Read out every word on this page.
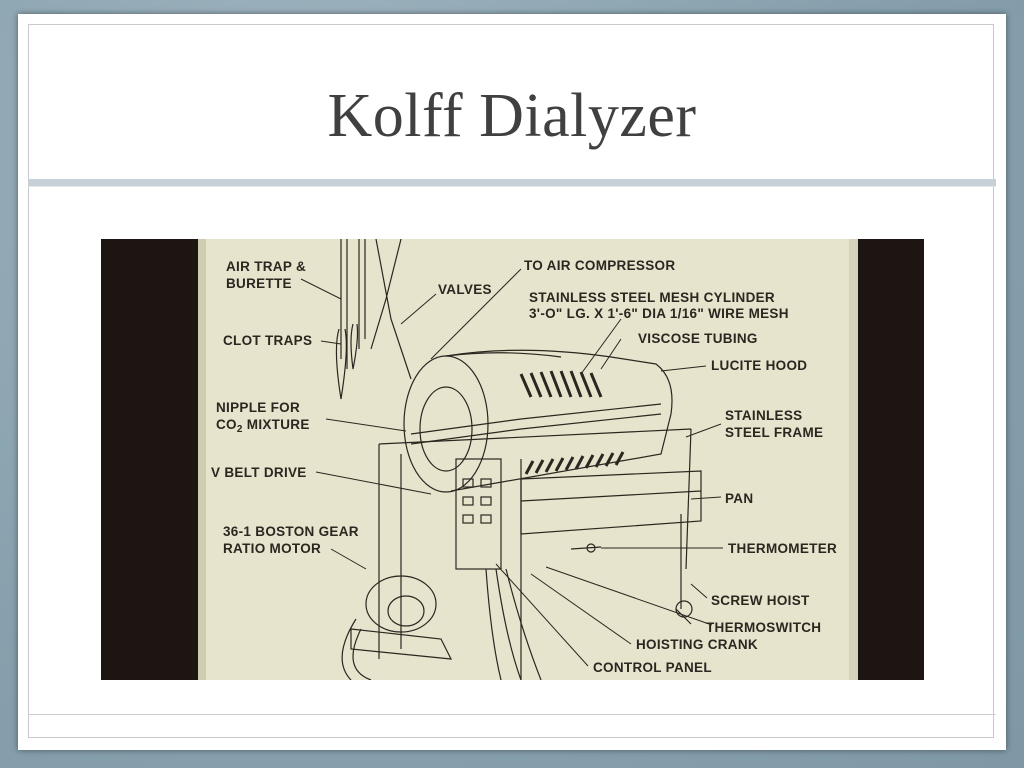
Kolff Dialyzer
AIR TRAP &
BURETTE	VALVES
TO AIR COMPRESSOR
STAINLESS STEEL MESH CYLINDER
3'-O" LG. X 1'-6" DIA 1/16" WIRE MESH
CLOT TRAPS	VISCOSE TUBING
LUCITE HOOD
NIPPLE FOR
$CO_2$ MIXTURE
STAINLESS
STEEL FRAME
V BELT DRIVE
PAN
36-1 BOSTON GEAR
RATIO MOTOR	THERMOMETER
SCREW HOIST
THERMOSWITCH
HOISTING CRANK
CONTROL PANEL
